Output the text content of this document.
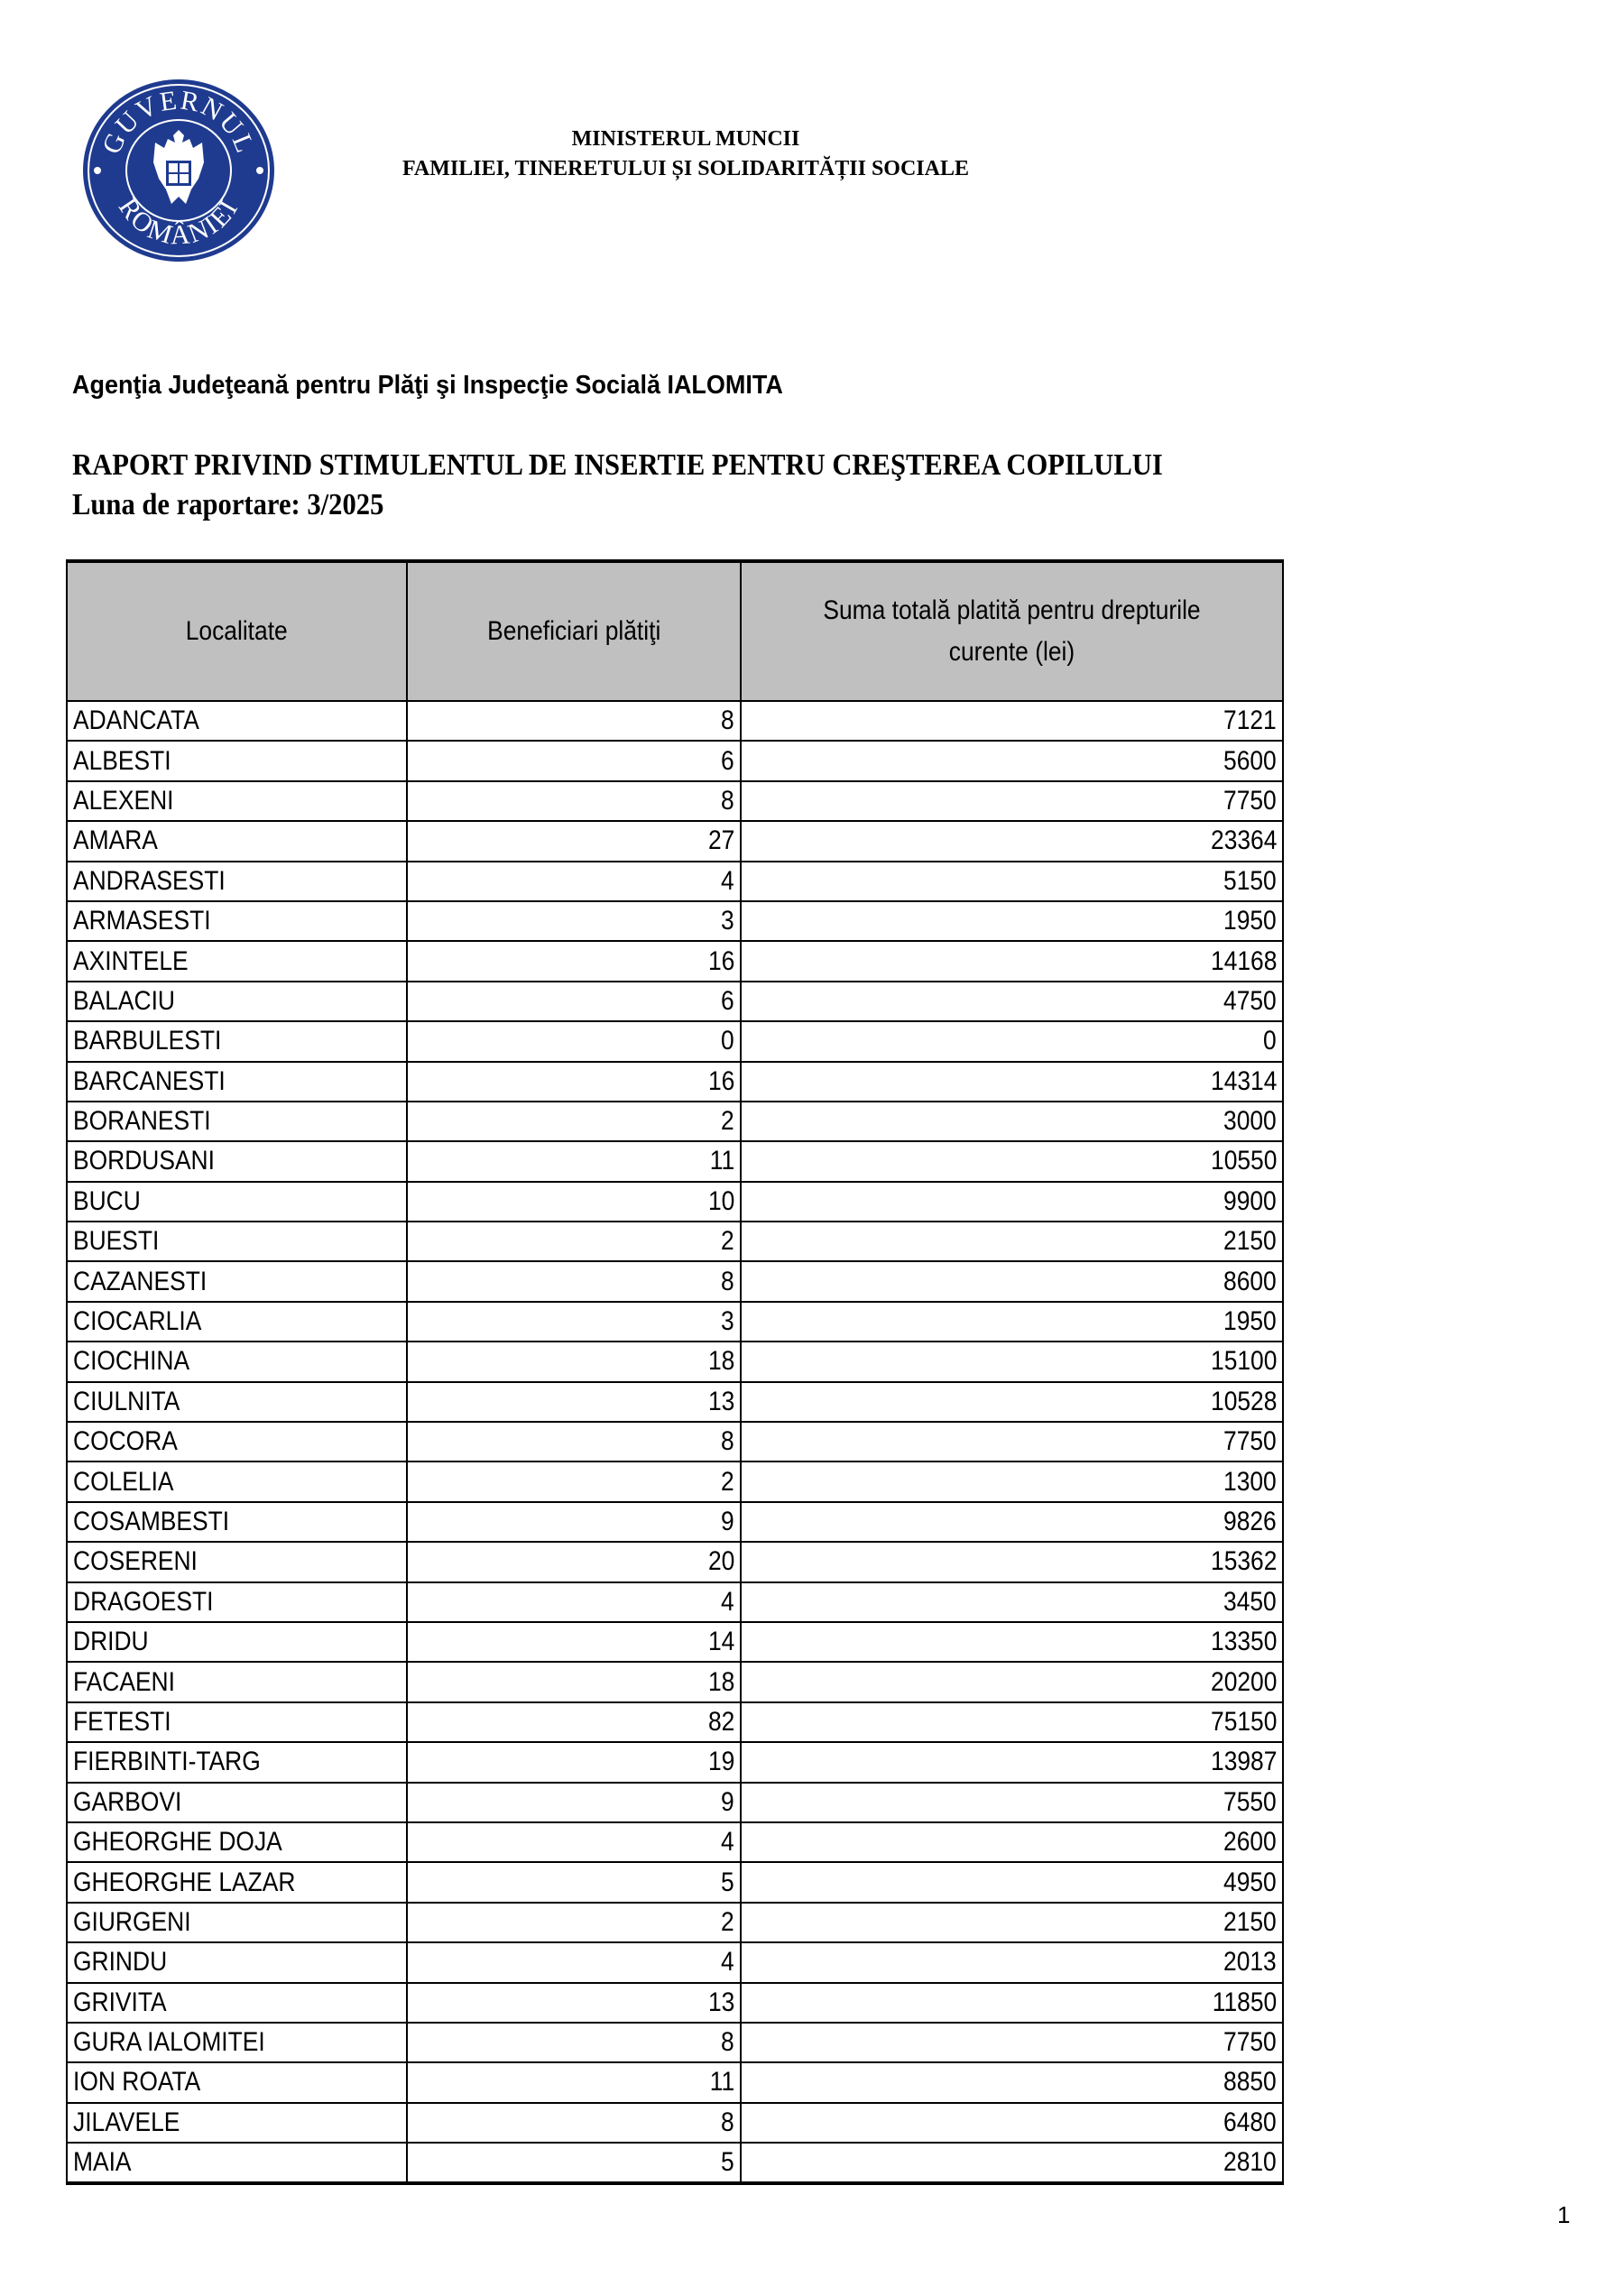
GUVERNUL
ROMÂNIEI
MINISTERUL MUNCII
FAMILIEI, TINERETULUI ȘI SOLIDARITĂȚII SOCIALE
Agenţia Judeţeană pentru Plăţi şi Inspecţie Socială IALOMITA
RAPORT PRIVIND STIMULENTUL DE INSERTIE PENTRU CREŞTEREA COPILULUI
Luna de raportare: 3/2025
Localitate	Beneficiari plătiţi	Suma totală platită pentru drepturile curente (lei)
ADANCATA	8	7121
ALBESTI	6	5600
ALEXENI	8	7750
AMARA	27	23364
ANDRASESTI	4	5150
ARMASESTI	3	1950
AXINTELE	16	14168
BALACIU	6	4750
BARBULESTI	0	0
BARCANESTI	16	14314
BORANESTI	2	3000
BORDUSANI	11	10550
BUCU	10	9900
BUESTI	2	2150
CAZANESTI	8	8600
CIOCARLIA	3	1950
CIOCHINA	18	15100
CIULNITA	13	10528
COCORA	8	7750
COLELIA	2	1300
COSAMBESTI	9	9826
COSERENI	20	15362
DRAGOESTI	4	3450
DRIDU	14	13350
FACAENI	18	20200
FETESTI	82	75150
FIERBINTI-TARG	19	13987
GARBOVI	9	7550
GHEORGHE DOJA	4	2600
GHEORGHE LAZAR	5	4950
GIURGENI	2	2150
GRINDU	4	2013
GRIVITA	13	11850
GURA IALOMITEI	8	7750
ION ROATA	11	8850
JILAVELE	8	6480
MAIA	5	2810
1
